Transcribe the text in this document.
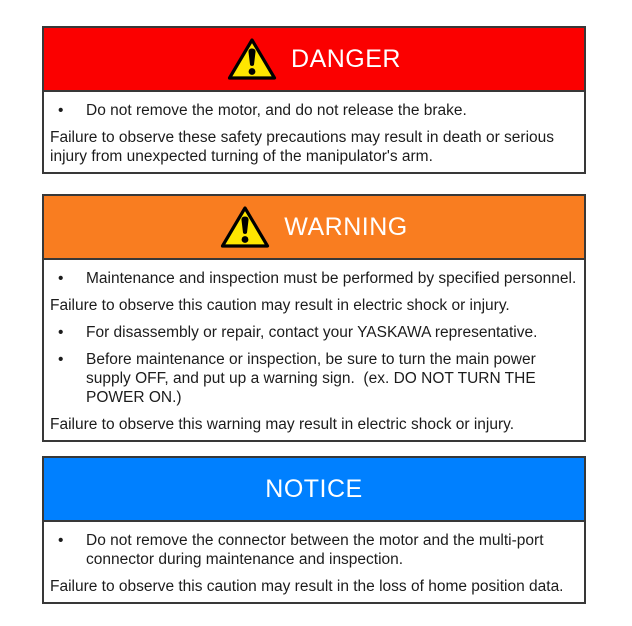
DANGER
•	Do not remove the motor, and do not release the brake.
Failure to observe these safety precautions may result in death or serious injury from unexpected turning of the manipulator's arm.
WARNING
•	Maintenance and inspection must be performed by specified personnel.
Failure to observe this caution may result in electric shock or injury.
•	For disassembly or repair, contact your YASKAWA representative.
•	Before maintenance or inspection, be sure to turn the main power supply OFF, and put up a warning sign.  (ex. DO NOT TURN THE POWER ON.)
Failure to observe this warning may result in electric shock or injury.
NOTICE
•	Do not remove the connector between the motor and the multi-port connector during maintenance and inspection.
Failure to observe this caution may result in the loss of home position data.
